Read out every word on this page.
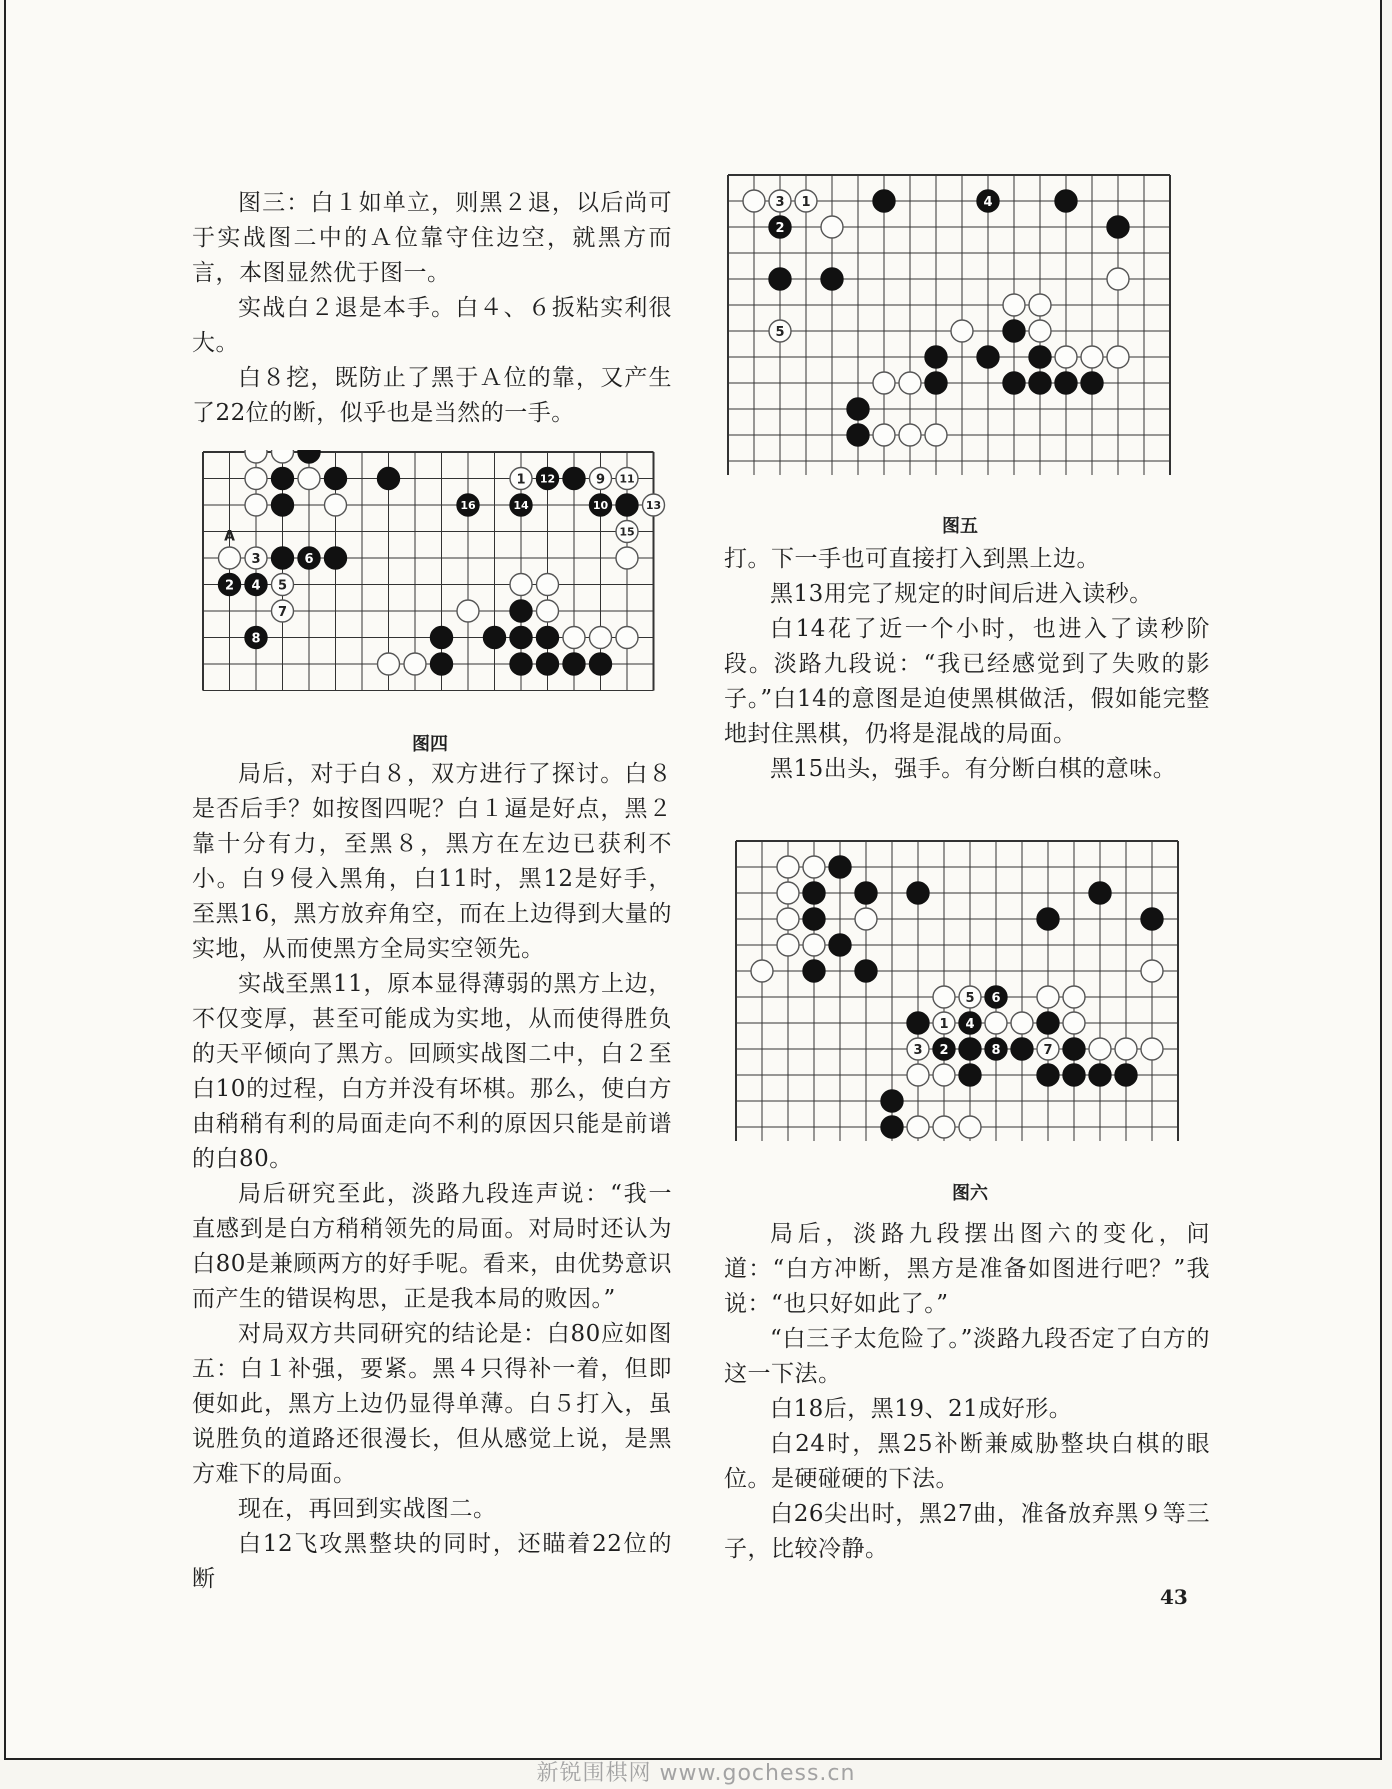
图三：白１如单立，则黑２退，以后尚可于实战图二中的Ａ位靠守住边空，就黑方而言，本图显然优于图一。

实战白２退是本手。白４、６扳粘实利很大。

白８挖，既防止了黑于Ａ位的靠，又产生了22位的断，似乎也是当然的一手。

1 12	9 11
16	14	10	13
15
3	6
2 4 5
7
8
A
图四

局后，对于白８，双方进行了探讨。白８是否后手？如按图四呢？白１逼是好点，黑２靠十分有力，至黑８，黑方在左边已获利不小。白９侵入黑角，白11时，黑12是好手，至黑16，黑方放弃角空，而在上边得到大量的实地，从而使黑方全局实空领先。

实战至黑11，原本显得薄弱的黑方上边，不仅变厚，甚至可能成为实地，从而使得胜负的天平倾向了黑方。回顾实战图二中，白２至白10的过程，白方并没有坏棋。那么，使白方由稍稍有利的局面走向不利的原因只能是前谱的白80。

局后研究至此，淡路九段连声说：“我一直感到是白方稍稍领先的局面。对局时还认为白80是兼顾两方的好手呢。看来，由优势意识而产生的错误构思，正是我本局的败因。”

对局双方共同研究的结论是：白80应如图五：白１补强，要紧。黑４只得补一着，但即便如此，黑方上边仍显得单薄。白５打入，虽说胜负的道路还很漫长，但从感觉上说，是黑方难下的局面。

现在，再回到实战图二。

白12飞攻黑整块的同时，还瞄着22位的断

3 1	4
2
5
图五

打。下一手也可直接打入到黑上边。

黑13用完了规定的时间后进入读秒。

白14花了近一个小时，也进入了读秒阶段。淡路九段说：“我已经感觉到了失败的影子。”白14的意图是迫使黑棋做活，假如能完整地封住黑棋，仍将是混战的局面。

黑15出头，强手。有分断白棋的意味。

5 6
1 4
3 2	8	7
图六

局后，淡路九段摆出图六的变化，问道：“白方冲断，黑方是准备如图进行吧？”我说：“也只好如此了。”

“白三子太危险了。”淡路九段否定了白方的这一下法。

白18后，黑19、21成好形。

白24时，黑25补断兼威胁整块白棋的眼位。是硬碰硬的下法。

白26尖出时，黑27曲，准备放弃黑９等三子，比较冷静。

43
新锐围棋网 www.gochess.cn
